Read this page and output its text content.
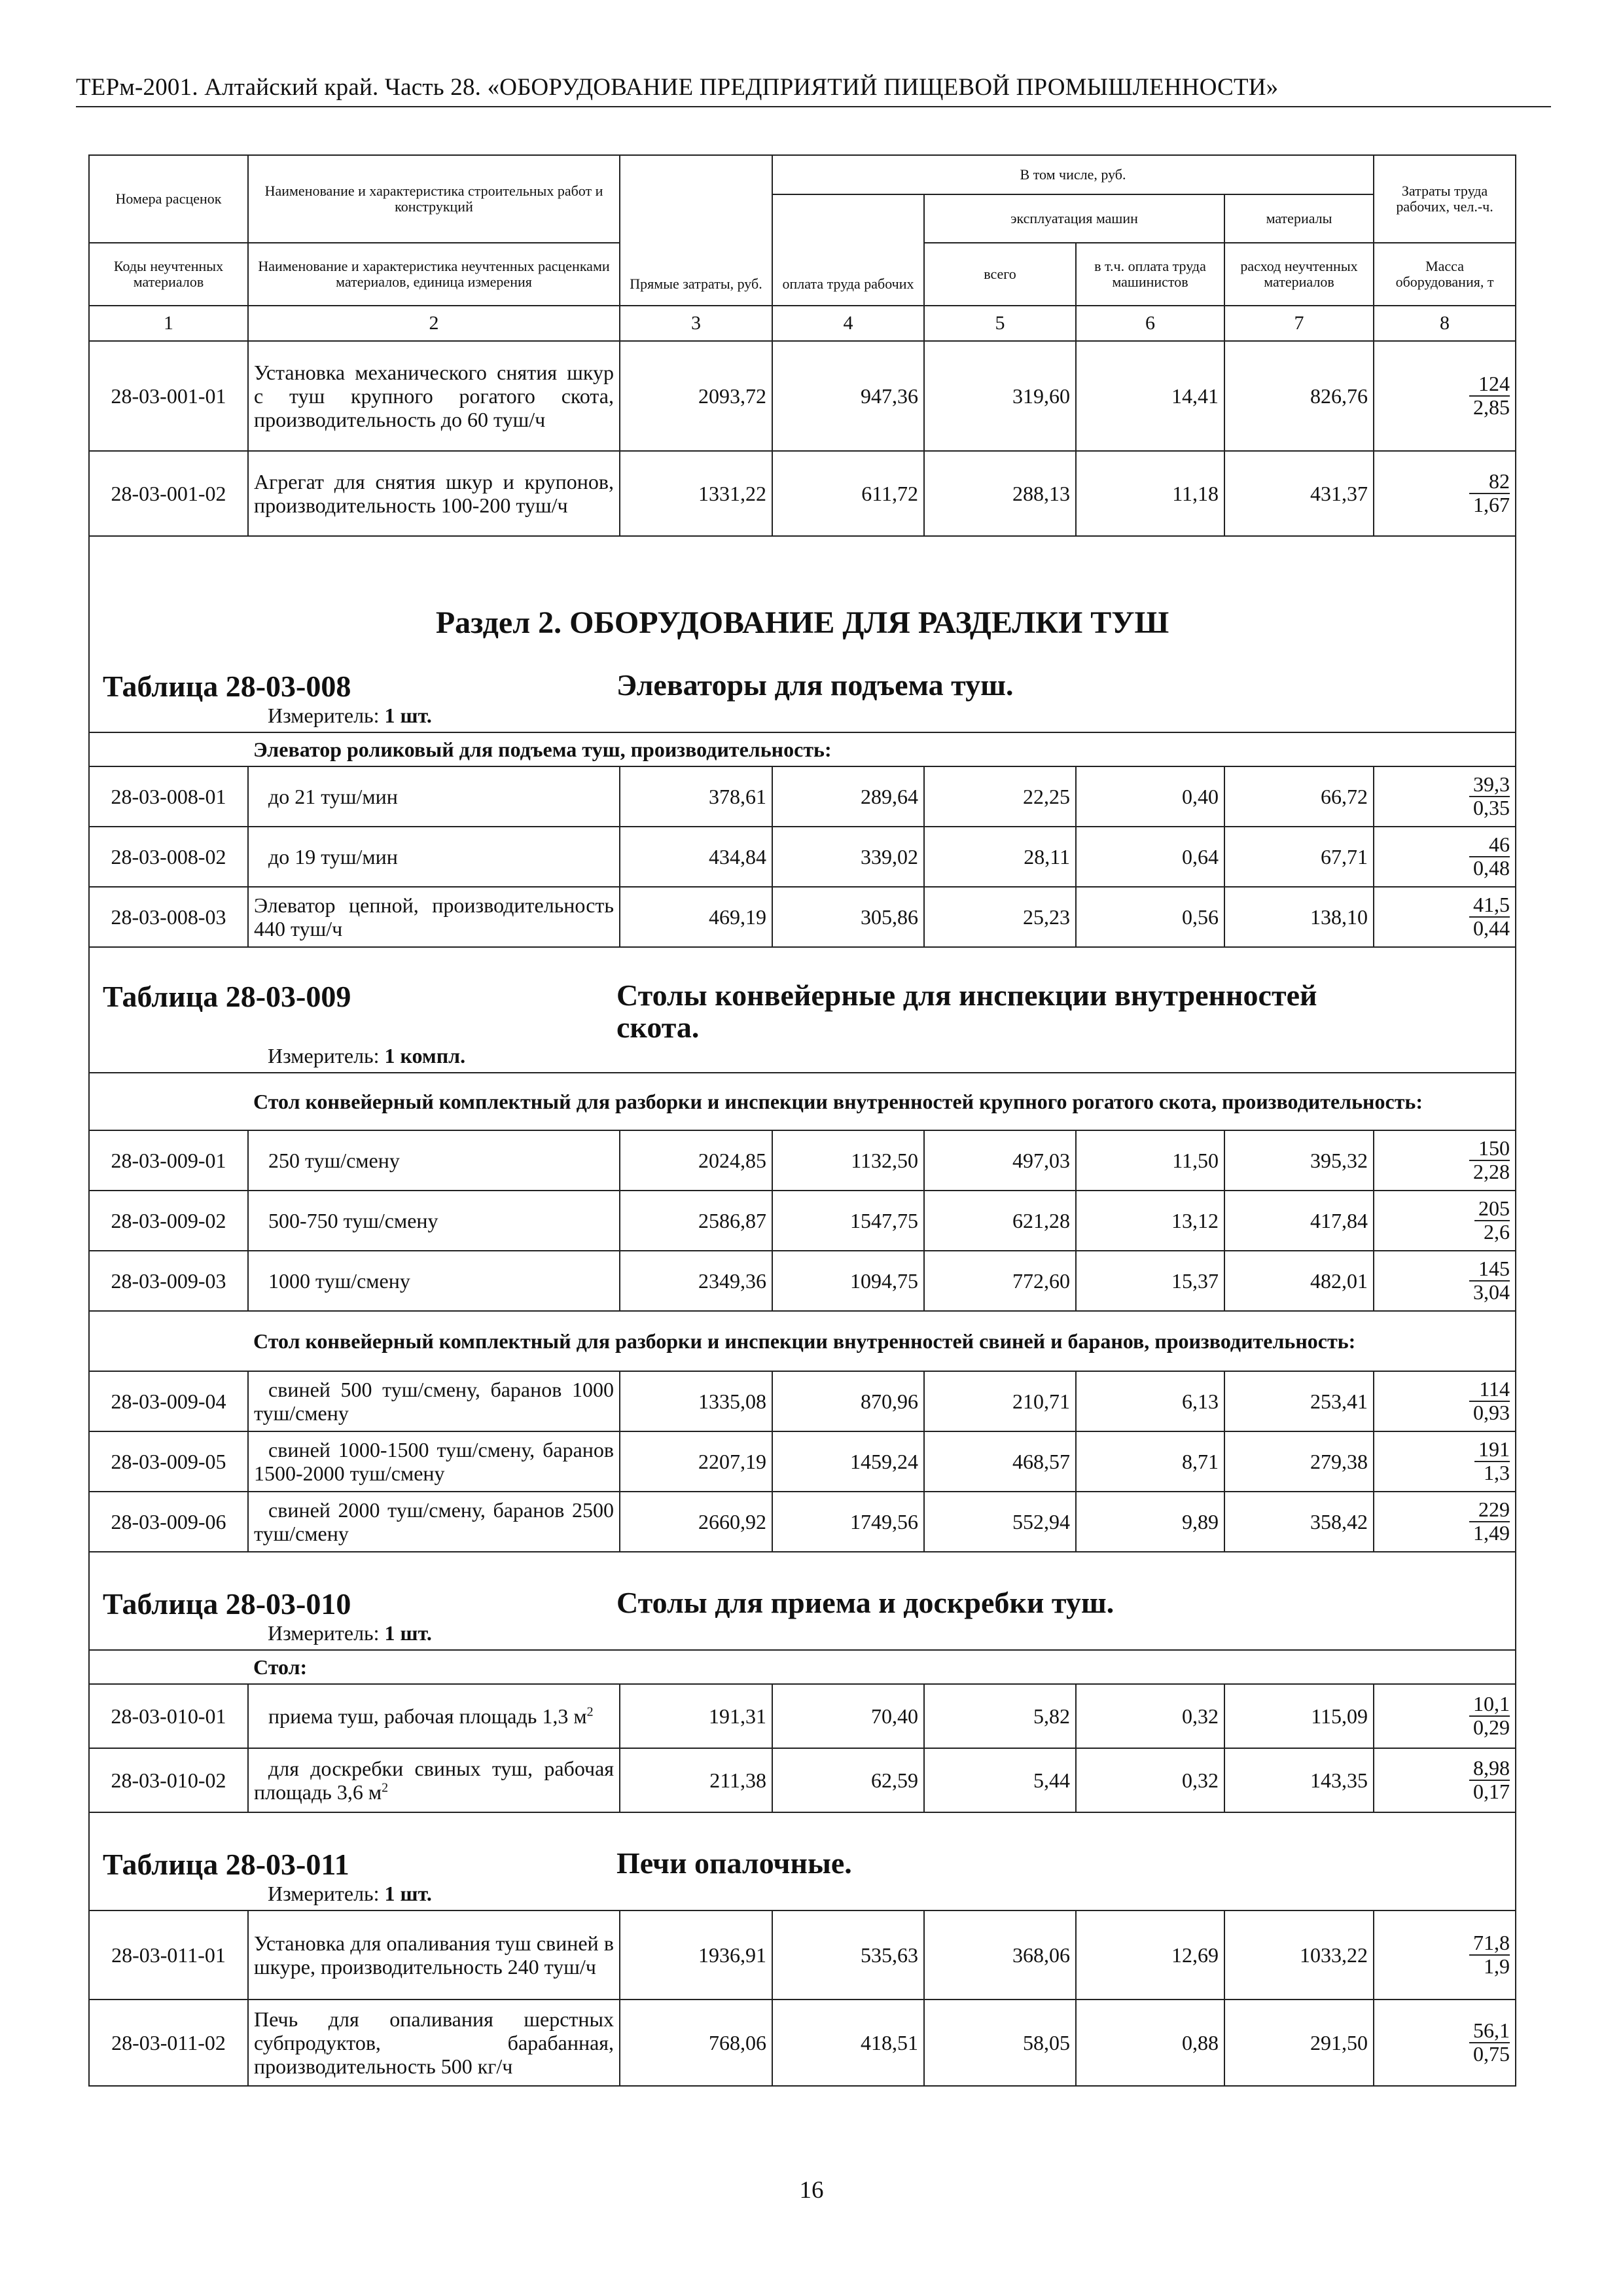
ТЕРм-2001. Алтайский край. Часть 28. «ОБОРУДОВАНИЕ ПРЕДПРИЯТИЙ ПИЩЕВОЙ ПРОМЫШЛЕННОСТИ»
Номера расценок	Наименование и характеристика строительных работ и конструкций	Прямые затраты, руб.	В том числе, руб.				Затраты труда рабочих, чел.-ч.
			оплата труда рабочих	эксплуатация машин		материалы	
Коды неучтенных материалов	Наименование и характеристика неучтенных расценками материалов, единица измерения			всего	в т.ч. оплата труда машинистов	расход неучтенных материалов	Масса оборудования, т
1	2	3	4	5	6	7	8
28-03-001-01	Установка механического снятия шкур с туш крупного рогатого скота, производительность до 60 туш/ч	2093,72	947,36	319,60	14,41	826,76	$\frac{124}{2,85}$

28-03-001-02	Агрегат для снятия шкур и крупонов, производительность 100-200 туш/ч	1331,22	611,72	288,13	11,18	431,37	$\frac{82}{1,67}$

Раздел 2. ОБОРУДОВАНИЕ ДЛЯ РАЗДЕЛКИ ТУШ							
Таблица 28-03-008 Элеваторы для подъема туш.
Измеритель: 1 шт.							

	Элеватор роликовый для подъема туш, производительность:						
28-03-008-01	до 21 туш/мин	378,61	289,64	22,25	0,40	66,72	$\frac{39,3}{0,35}$

28-03-008-02	до 19 туш/мин	434,84	339,02	28,11	0,64	67,71	$\frac{46}{0,48}$

28-03-008-03	Элеватор цепной, производительность 440 туш/ч	469,19	305,86	25,23	0,56	138,10	$\frac{41,5}{0,44}$

Таблица 28-03-009 Столы конвейерные для инспекции внутренностей скота.
Измеритель: 1 компл.							

	Стол конвейерный комплектный для разборки и инспекции внутренностей крупного рогатого скота, производительность:						
28-03-009-01	250 туш/смену	2024,85	1132,50	497,03	11,50	395,32	$\frac{150}{2,28}$

28-03-009-02	500-750 туш/смену	2586,87	1547,75	621,28	13,12	417,84	$\frac{205}{2,6}$

28-03-009-03	1000 туш/смену	2349,36	1094,75	772,60	15,37	482,01	$\frac{145}{3,04}$

	Стол конвейерный комплектный для разборки и инспекции внутренностей свиней и баранов, производительность:						
28-03-009-04	свиней 500 туш/смену, баранов 1000 туш/смену	1335,08	870,96	210,71	6,13	253,41	$\frac{114}{0,93}$

28-03-009-05	свиней 1000-1500 туш/смену, баранов 1500-2000 туш/смену	2207,19	1459,24	468,57	8,71	279,38	$\frac{191}{1,3}$

28-03-009-06	свиней 2000 туш/смену, баранов 2500 туш/смену	2660,92	1749,56	552,94	9,89	358,42	$\frac{229}{1,49}$

Таблица 28-03-010 Столы для приема и доскребки туш.
Измеритель: 1 шт.							

	Стол:						
28-03-010-01	приема туш, рабочая площадь 1,3 $м^2$	191,31	70,40	5,82	0,32	115,09	$\frac{10,1}{0,29}$

28-03-010-02	для доскребки свиных туш, рабочая площадь 3,6 $м^2$	211,38	62,59	5,44	0,32	143,35	$\frac{8,98}{0,17}$

Таблица 28-03-011 Печи опалочные.
Измеритель: 1 шт.							

28-03-011-01	Установка для опаливания туш свиней в шкуре, производительность 240 туш/ч	1936,91	535,63	368,06	12,69	1033,22	$\frac{71,8}{1,9}$

28-03-011-02	Печь для опаливания шерстных субпродуктов, барабанная, производительность 500 кг/ч	768,06	418,51	58,05	0,88	291,50	$\frac{56,1}{0,75}$
16
